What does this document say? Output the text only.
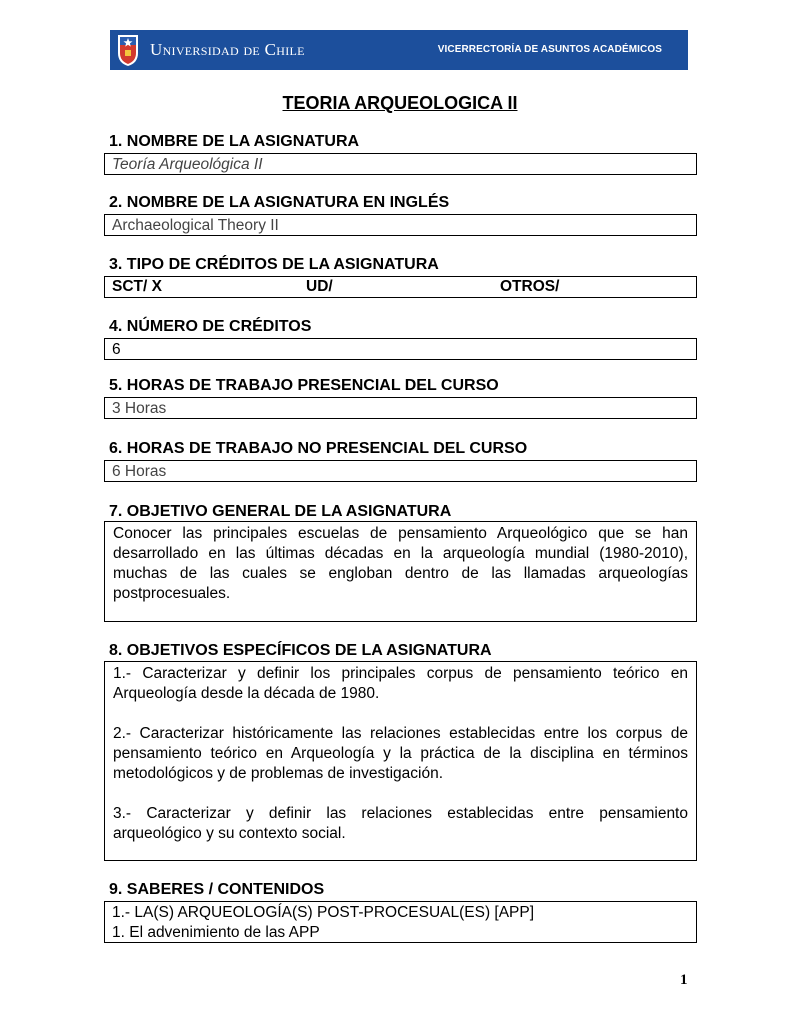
Universidad de Chile	VICERRECTORÍA DE ASUNTOS ACADÉMICOS
TEORIA ARQUEOLOGICA II
1. NOMBRE DE LA ASIGNATURA
Teoría Arqueológica II
2. NOMBRE DE LA ASIGNATURA EN INGLÉS
Archaeological Theory II
3. TIPO DE CRÉDITOS DE LA ASIGNATURA
SCT/ X	UD/	OTROS/
4. NÚMERO DE CRÉDITOS
6
5. HORAS DE TRABAJO PRESENCIAL DEL CURSO
3 Horas
6. HORAS DE TRABAJO NO PRESENCIAL DEL CURSO
6 Horas
7. OBJETIVO GENERAL DE LA ASIGNATURA

Conocer las principales escuelas de pensamiento Arqueológico que se han desarrollado en las últimas décadas en la arqueología mundial (1980-2010), muchas de las cuales se engloban dentro de las llamadas arqueologías postprocesuales.

8. OBJETIVOS ESPECÍFICOS DE LA ASIGNATURA

1.- Caracterizar y definir los principales corpus de pensamiento teórico en Arqueología desde la década de 1980.

2.- Caracterizar históricamente las relaciones establecidas entre los corpus de pensamiento teórico en Arqueología y la práctica de la disciplina en términos metodológicos y de problemas de investigación.

3.- Caracterizar y definir las relaciones establecidas entre pensamiento arqueológico y su contexto social.

9. SABERES / CONTENIDOS
1.- LA(S) ARQUEOLOGÍA(S) POST-PROCESUAL(ES) [APP]
1. El advenimiento de las APP
1
